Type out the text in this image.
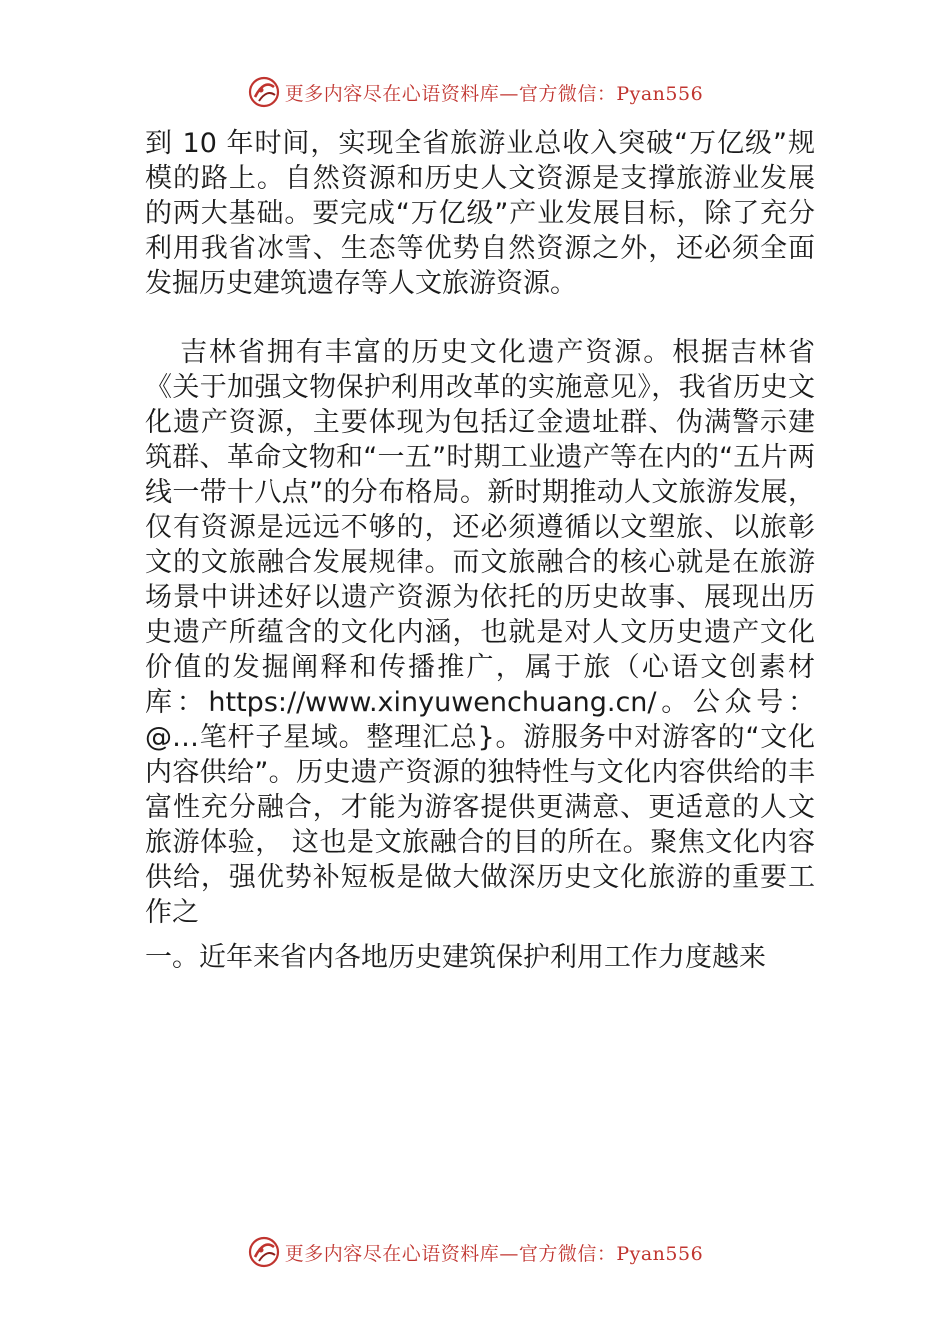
更多内容尽在心语资料库—官方微信：Pyan556

到 10 年时间，实现全省旅游业总收入突破“万亿级”规模的路上。自然资源和历史人文资源是支撑旅游业发展的两大基础。要完成“万亿级”产业发展目标，除了充分利用我省冰雪、生态等优势自然资源之外，还必须全面发掘历史建筑遗存等人文旅游资源。

吉林省拥有丰富的历史文化遗产资源。根据吉林省《关于加强文物保护利用改革的实施意见》，我省历史文化遗产资源，主要体现为包括辽金遗址群、伪满警示建筑群、革命文物和“一五”时期工业遗产等在内的“五片两线一带十八点”的分布格局。新时期推动人文旅游发展，仅有资源是远远不够的，还必须遵循以文塑旅、以旅彰文的文旅融合发展规律。而文旅融合的核心就是在旅游场景中讲述好以遗产资源为依托的历史故事、展现出历史遗产所蕴含的文化内涵，也就是对人文历史遗产文化价值的发掘阐释和传播推广，属于旅（心语文创素材库：https://www.xinyuwenchuang.cn/。公众号：@…笔杆子星域。整理汇总}。游服务中对游客的“文化内容供给”。历史遗产资源的独特性与文化内容供给的丰富性充分融合，才能为游客提供更满意、更适意的人文旅游体验， 这也是文旅融合的目的所在。聚焦文化内容供给，强优势补短板是做大做深历史文化旅游的重要工作之

一。近年来省内各地历史建筑保护利用工作力度越来

更多内容尽在心语资料库—官方微信：Pyan556
